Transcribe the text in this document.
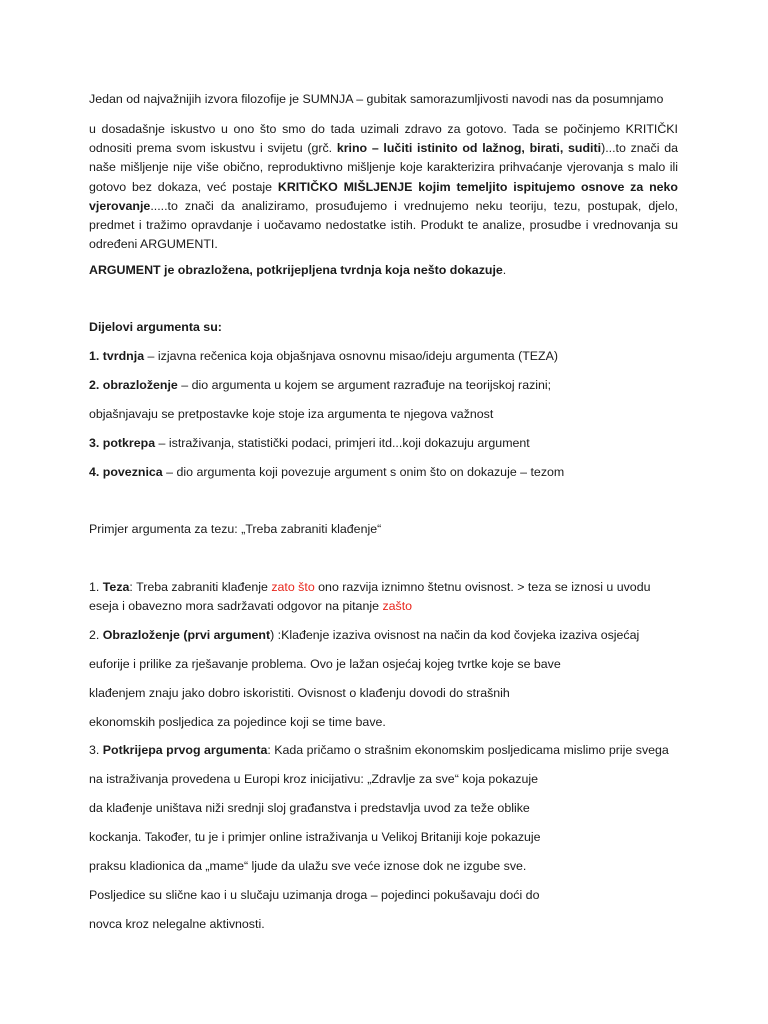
Jedan od najvažnijih izvora filozofije je SUMNJA – gubitak samorazumljivosti navodi nas da posumnjamo
u dosadašnje iskustvo u ono što smo do tada uzimali zdravo za gotovo. Tada se počinjemo KRITIČKI odnositi prema svom iskustvu i svijetu (grč. krino – lučiti istinito od lažnog, birati, suditi)...to znači da naše mišljenje nije više obično, reproduktivno mišljenje koje karakterizira prihvaćanje vjerovanja s malo ili gotovo bez dokaza, već postaje KRITIČKO MIŠLJENJE kojim temeljito ispitujemo osnove za neko vjerovanje.....to znači da analiziramo, prosuđujemo i vrednujemo neku teoriju, tezu, postupak, djelo, predmet i tražimo opravdanje i uočavamo nedostatke istih. Produkt te analize, prosudbe i vrednovanja su određeni ARGUMENTI.
ARGUMENT je obrazložena, potkrijepljena tvrdnja koja nešto dokazuje.
Dijelovi argumenta su:
1. tvrdnja – izjavna rečenica koja objašnjava osnovnu misao/ideju argumenta (TEZA)
2. obrazloženje – dio argumenta u kojem se argument razrađuje na teorijskoj razini;
objašnjavaju se pretpostavke koje stoje iza argumenta te njegova važnost
3. potkrepa – istraživanja, statistički podaci, primjeri itd...koji dokazuju argument
4. poveznica – dio argumenta koji povezuje argument s onim što on dokazuje – tezom
Primjer argumenta za tezu: „Treba zabraniti klađenje“
1. Teza: Treba zabraniti klađenje zato što ono razvija iznimno štetnu ovisnost. > teza se iznosi u uvodu
eseja i obavezno mora sadržavati odgovor na pitanje zašto
2. Obrazloženje (prvi argument) :Klađenje izaziva ovisnost na način da kod čovjeka izaziva osjećaj
euforije i prilike za rješavanje problema. Ovo je lažan osjećaj kojeg tvrtke koje se bave
klađenjem znaju jako dobro iskoristiti. Ovisnost o klađenju dovodi do strašnih
ekonomskih posljedica za pojedince koji se time bave.
3. Potkrijepa prvog argumenta: Kada pričamo o strašnim ekonomskim posljedicama mislimo prije svega
na istraživanja provedena u Europi kroz inicijativu: „Zdravlje za sve“ koja pokazuje
da klađenje uništava niži srednji sloj građanstva i predstavlja uvod za teže oblike
kockanja. Također, tu je i primjer online istraživanja u Velikoj Britaniji koje pokazuje
praksu kladionica da „mame“ ljude da ulažu sve veće iznose dok ne izgube sve.
Posljedice su slične kao i u slučaju uzimanja droga – pojedinci pokušavaju doći do
novca kroz nelegalne aktivnosti.
